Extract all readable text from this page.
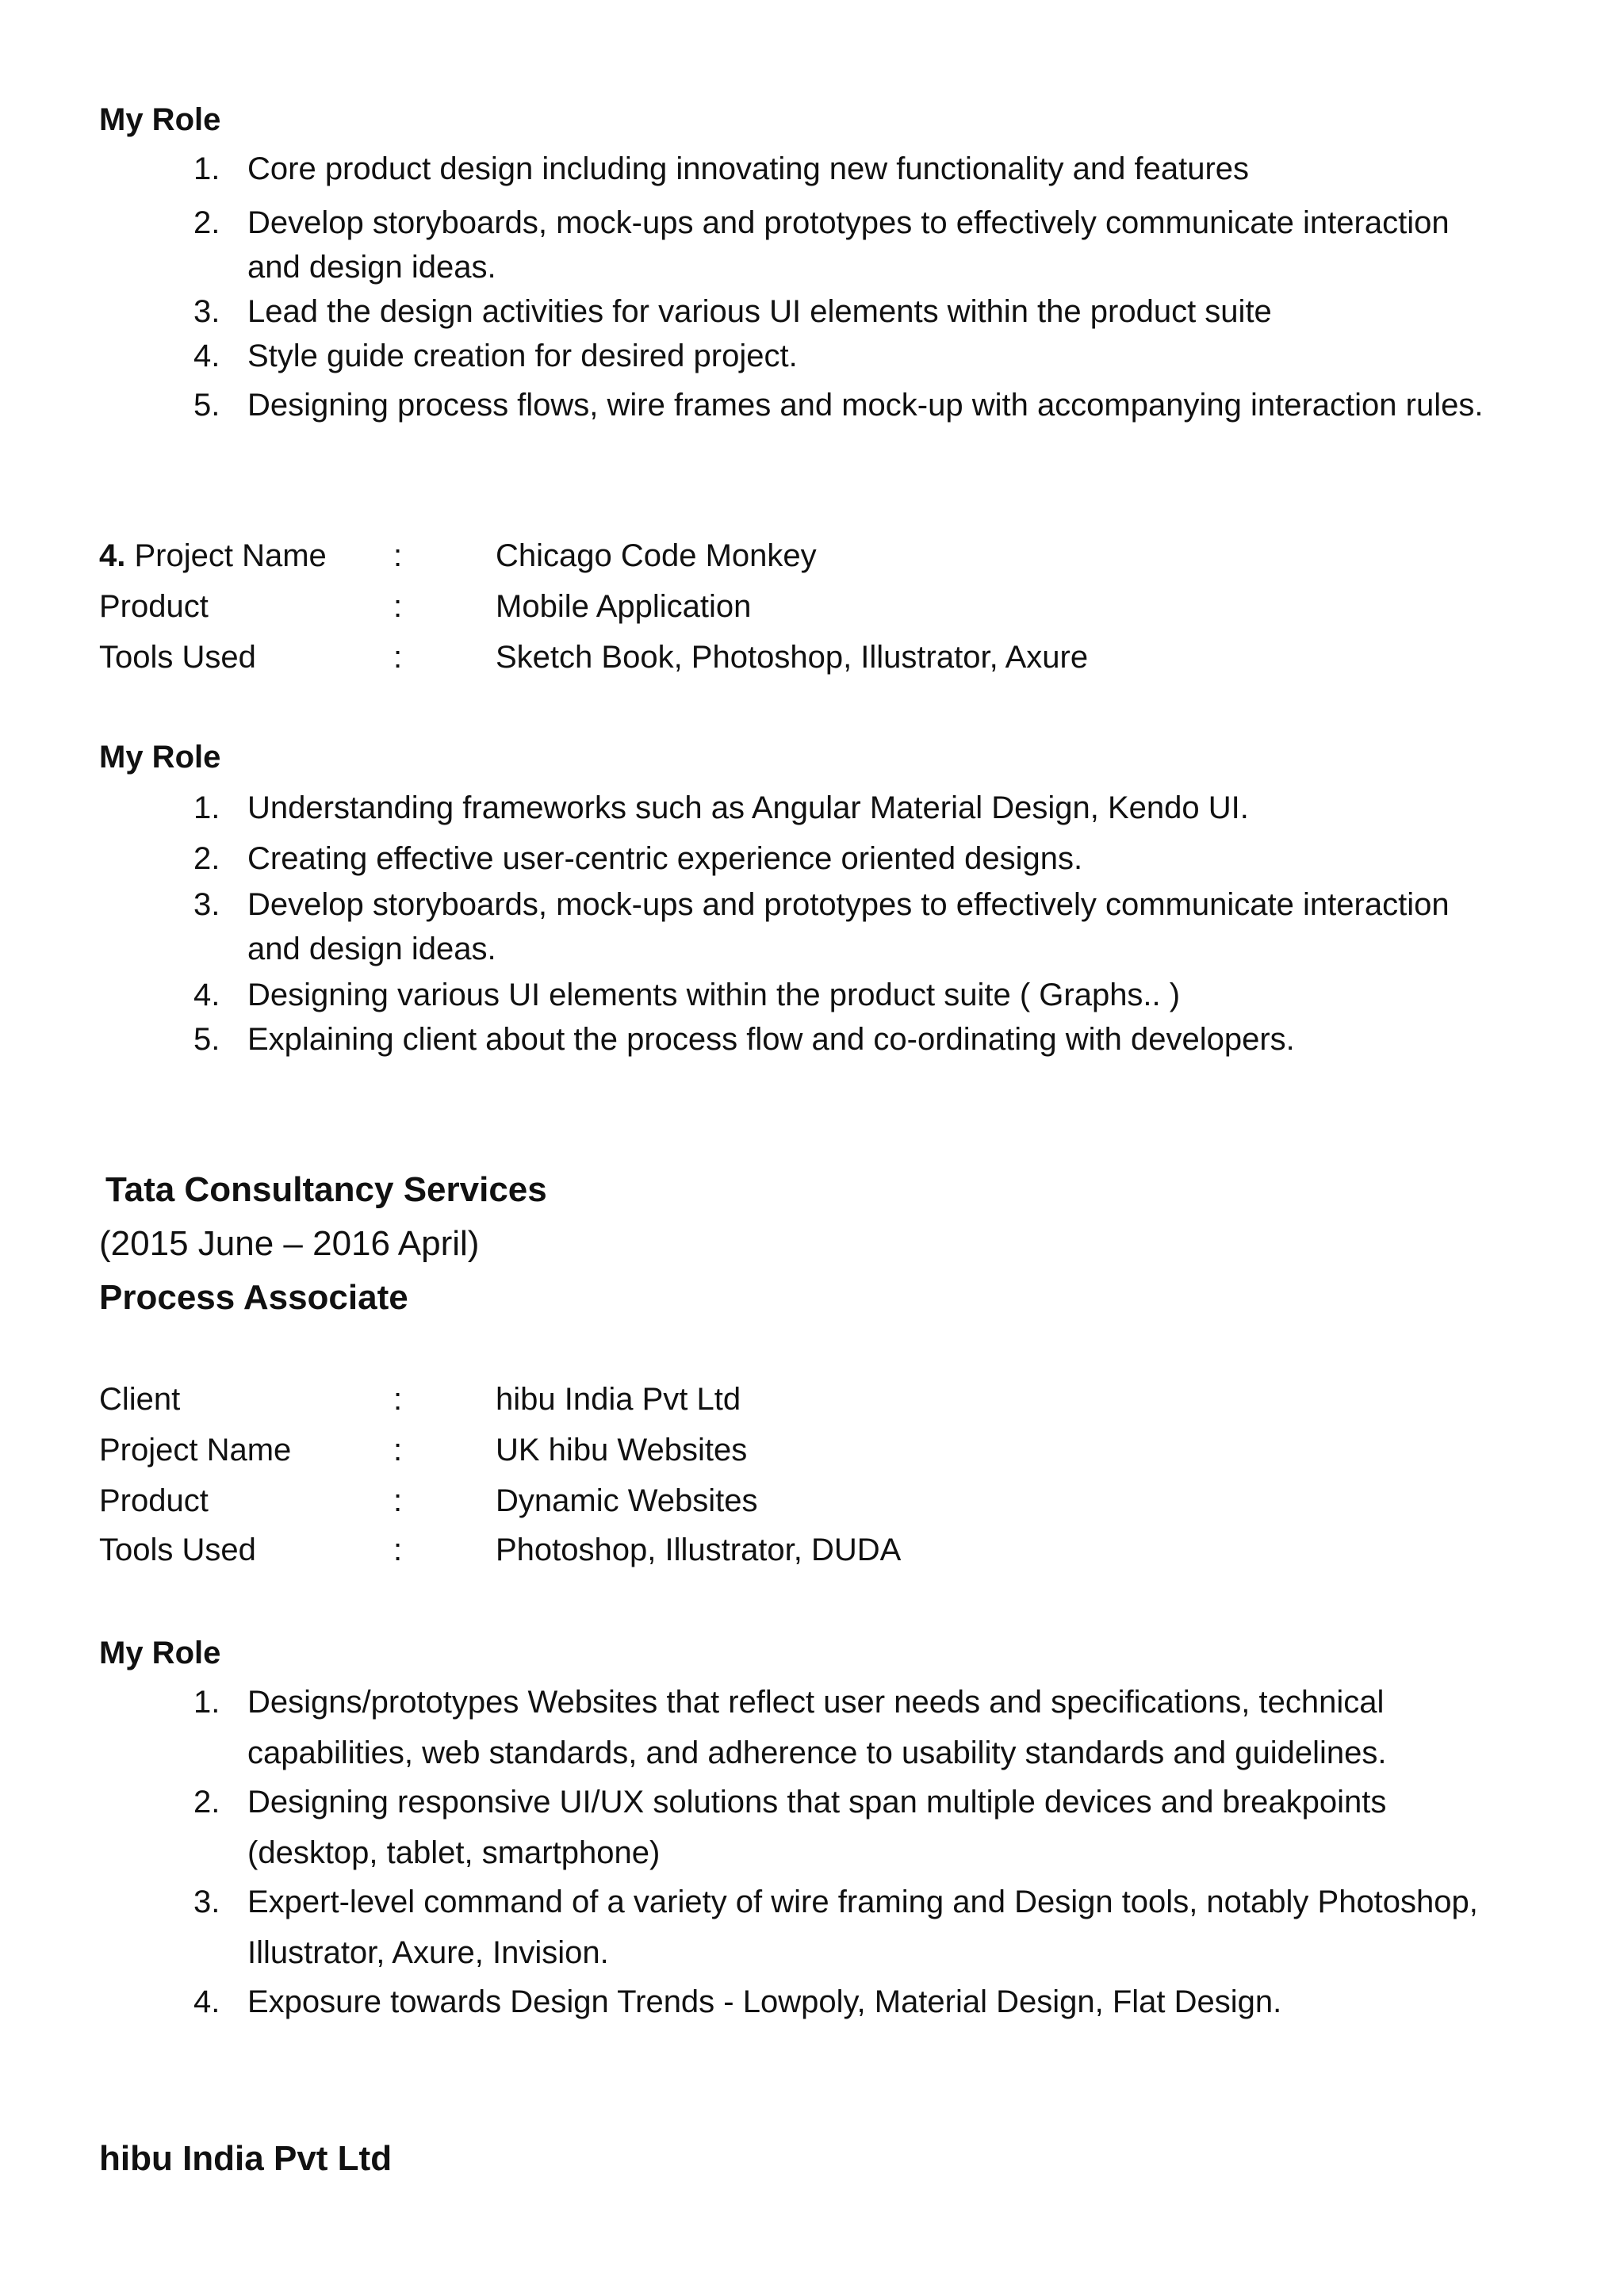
My Role
1. Core product design including innovating new functionality and features
2. Develop storyboards, mock-ups and prototypes to effectively communicate interaction
and design ideas.
3. Lead the design activities for various UI elements within the product suite
4. Style guide creation for desired project.
5. Designing process flows, wire frames and mock-up with accompanying interaction rules.
4. Project Name :	Chicago Code Monkey
Product	:	Mobile Application
Tools Used	:	Sketch Book, Photoshop, Illustrator, Axure
My Role
1. Understanding frameworks such as Angular Material Design, Kendo UI.
2. Creating effective user-centric experience oriented designs.
3. Develop storyboards, mock-ups and prototypes to effectively communicate interaction
and design ideas.
4. Designing various UI elements within the product suite ( Graphs.. )
5. Explaining client about the process flow and co-ordinating with developers.
Tata Consultancy Services
(2015 June – 2016 April)
Process Associate
Client	:	hibu India Pvt Ltd
Project Name	:	UK hibu Websites
Product	:	Dynamic Websites
Tools Used	:	Photoshop, Illustrator, DUDA
My Role
1. Designs/prototypes Websites that reflect user needs and specifications, technical
capabilities, web standards, and adherence to usability standards and guidelines.
2. Designing responsive UI/UX solutions that span multiple devices and breakpoints
(desktop, tablet, smartphone)
3. Expert-level command of a variety of wire framing and Design tools, notably Photoshop,
Illustrator, Axure, Invision.
4. Exposure towards Design Trends - Lowpoly, Material Design, Flat Design.
hibu India Pvt Ltd
